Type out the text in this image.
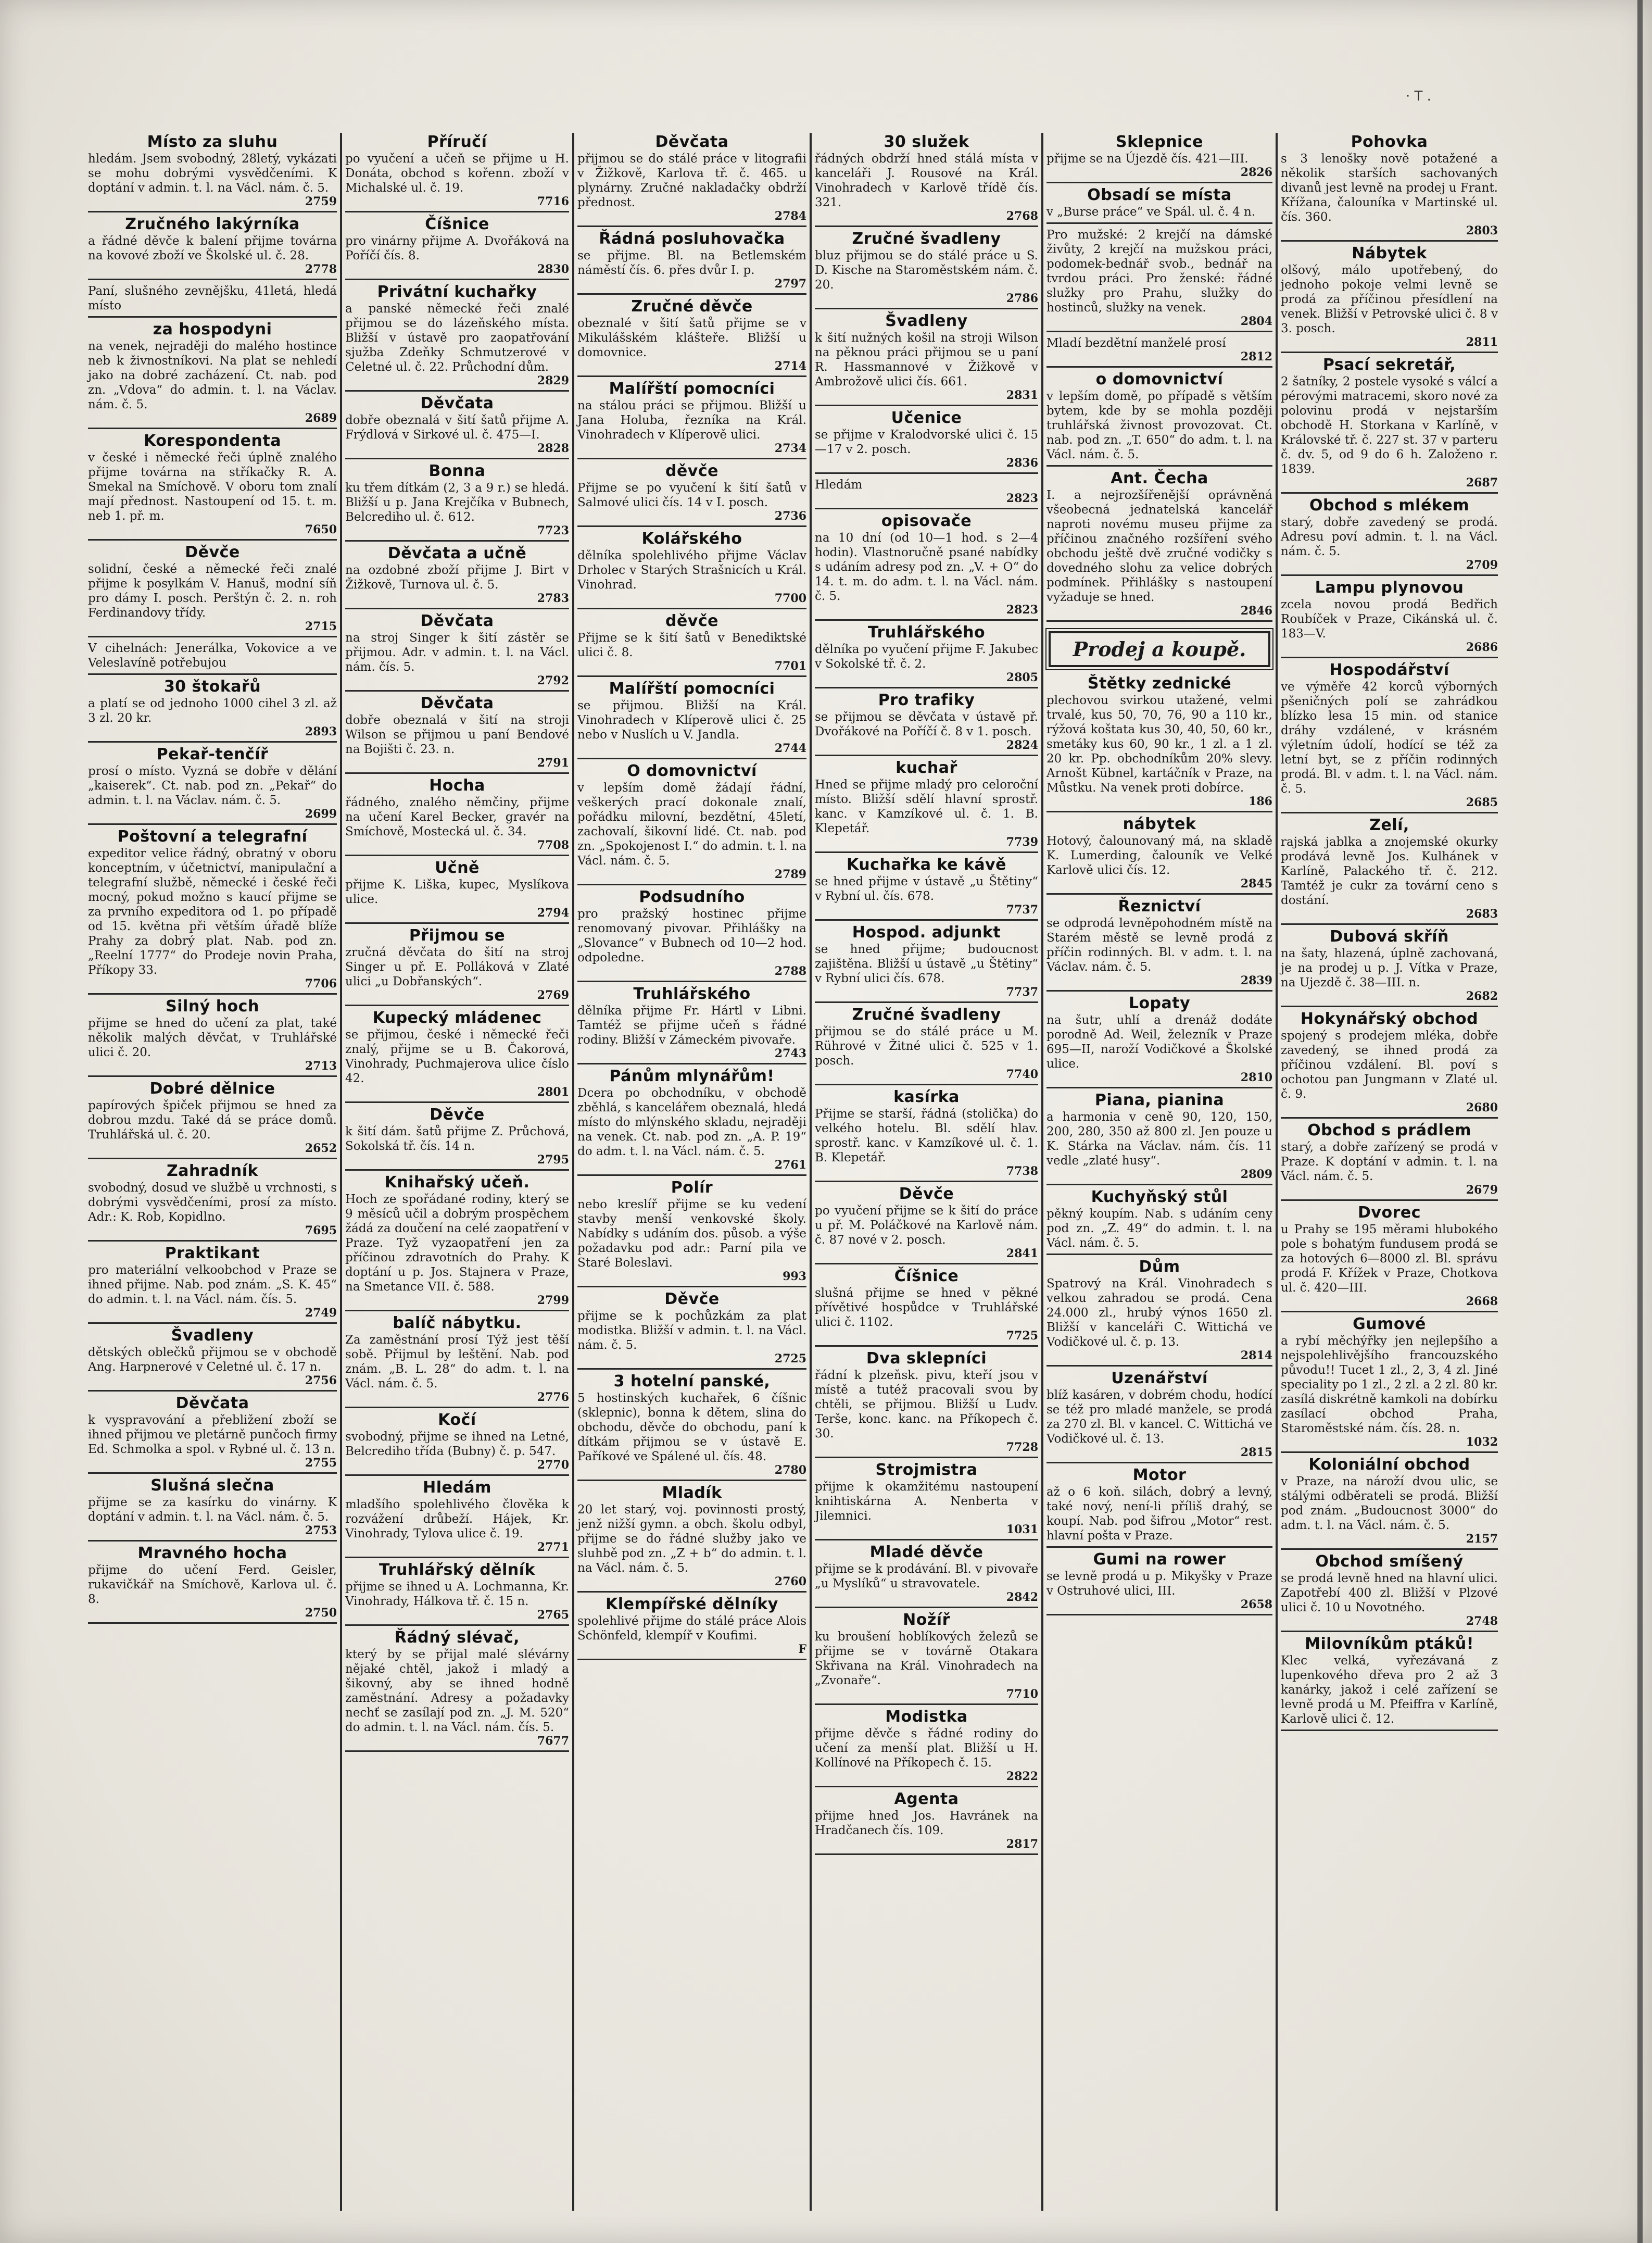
· T .
Místo za sluhu

hledám. Jsem svobodný, 28letý, vykázati se mohu dobrými vysvědčeními. K doptání v admin. t. l. na Václ. nám. č. 5.

2759
Zručného lakýrníka

a řádné děvče k balení přijme továrna na kovové zboží ve Školské ul. č. 28.

2778

Paní, slušného zevnějšku, 41letá, hledá místo

za hospodyni

na venek, nejraději do malého hostince neb k živnostníkovi. Na plat se nehledí jako na dobré zacházení. Ct. nab. pod zn. „Vdova“ do admin. t. l. na Václav. nám. č. 5.

2689
Korespondenta

v české i německé řeči úplně znalého přijme továrna na stříkačky R. A. Smekal na Smíchově. V oboru tom znalí mají přednost. Nastoupení od 15. t. m. neb 1. př. m.

7650
Děvče

solidní, české a německé řeči znalé přijme k posylkám V. Hanuš, modní síň pro dámy I. posch. Perštýn č. 2. n. roh Ferdinandovy třídy.

2715

V cihelnách: Jenerálka, Vokovice a ve Veleslavíně potřebujou

30 štokařů

a platí se od jednoho 1000 cihel 3 zl. až 3 zl. 20 kr.

2893
Pekař-tenčíř

prosí o místo. Vyzná se dobře v dělání „kaiserek“. Ct. nab. pod zn. „Pekař“ do admin. t. l. na Václav. nám. č. 5.

2699
Poštovní a telegrafní

expeditor velice řádný, obratný v oboru konceptním, v účetnictví, manipulační a telegrafní službě, německé i české řeči mocný, pokud možno s kaucí přijme se za prvního expeditora od 1. po případě od 15. května při větším úřadě blíže Prahy za dobrý plat. Nab. pod zn. „Reelní 1777“ do Prodeje novin Praha, Příkopy 33.

7706
Silný hoch

přijme se hned do učení za plat, také několik malých děvčat, v Truhlářské ulici č. 20.

2713
Dobré dělnice

papírových špiček přijmou se hned za dobrou mzdu. Také dá se práce domů. Truhlářská ul. č. 20.

2652
Zahradník

svobodný, dosud ve službě u vrchnosti, s dobrými vysvědčeními, prosí za místo. Adr.: K. Rob, Kopidlno.

7695
Praktikant

pro materiální velkoobchod v Praze se ihned přijme. Nab. pod znám. „S. K. 45“ do admin. t. l. na Václ. nám. čís. 5.

2749
Švadleny

dětských oblečků přijmou se v obchodě Ang. Harpnerové v Celetné ul. č. 17 n.

2756
Děvčata

k vyspravování a přebližení zboží se ihned přijmou ve pletárně punčoch firmy Ed. Schmolka a spol. v Rybné ul. č. 13 n.

2755
Slušná slečna

přijme se za kasírku do vinárny. K doptání v admin. t. l. na Václ. nám. č. 5.

2753
Mravného hocha

přijme do učení Ferd. Geisler, rukavičkář na Smíchově, Karlova ul. č. 8.

2750
Příručí

po vyučení a učeň se přijme u H. Donáta, obchod s kořenn. zboží v Michalské ul. č. 19.

7716
Číšnice

pro vinárny přijme A. Dvořáková na Poříčí čís. 8.

2830
Privátní kuchařky

a panské německé řeči znalé přijmou se do lázeňského místa. Bližší v ústavě pro zaopatřování sjužba Zdeňky Schmutzerové v Celetné ul. č. 22. Průchodní dům.

2829
Děvčata

dobře obeznalá v šití šatů přijme A. Frýdlová v Sirkové ul. č. 475—I.

2828
Bonna

ku třem dítkám (2, 3 a 9 r.) se hledá. Bližší u p. Jana Krejčíka v Bubnech, Belcrediho ul. č. 612.

7723
Děvčata a učně

na ozdobné zboží přijme J. Birt v Žižkově, Turnova ul. č. 5.

2783
Děvčata

na stroj Singer k šití zástěr se přijmou. Adr. v admin. t. l. na Václ. nám. čís. 5.

2792
Děvčata

dobře obeznalá v šití na stroji Wilson se přijmou u paní Bendové na Bojišti č. 23. n.

2791
Hocha

řádného, znalého němčiny, přijme na učení Karel Becker, gravér na Smíchově, Mostecká ul. č. 34.

7708
Učně

přijme K. Liška, kupec, Myslíkova ulice.

2794
Přijmou se

zručná děvčata do šití na stroj Singer u př. E. Polláková v Zlaté ulici „u Dobřanských“.

2769
Kupecký mládenec

se přijmou, české i německé řeči znalý, přijme se u B. Čakorová, Vinohrady, Puchmajerova ulice číslo 42.

2801
Děvče

k šití dám. šatů přijme Z. Průchová, Sokolská tř. čís. 14 n.

2795
Knihařský učeň.

Hoch ze spořádané rodiny, který se 9 měsíců učil a dobrým prospěchem žádá za doučení na celé zaopatření v Praze. Tyž vyzaopatření jen za příčinou zdravotních do Prahy. K doptání u p. Jos. Stajnera v Praze, na Smetance VII. č. 588.

2799
balíč nábytku.

Za zaměstnání prosí Týž jest těší sobě. Přijmul by leštění. Nab. pod znám. „B. L. 28“ do adm. t. l. na Václ. nám. č. 5.

2776
Kočí

svobodný, přijme se ihned na Letné, Belcrediho třída (Bubny) č. p. 547.

2770
Hledám

mladšího spolehlivého člověka k rozvážení drůbeží. Hájek, Kr. Vinohrady, Tylova ulice č. 19.

2771
Truhlářský dělník

přijme se ihned u A. Lochmanna, Kr. Vinohrady, Hálkova tř. č. 15 n.

2765
Řádný slévač,

který by se přijal malé slévárny nějaké chtěl, jakož i mladý a šikovný, aby se ihned hodně zaměstnání. Adresy a požadavky nechť se zasílají pod zn. „J. M. 520“ do admin. t. l. na Václ. nám. čís. 5.

7677
Děvčata

přijmou se do stálé práce v litografii v Žižkově, Karlova tř. č. 465. u plynárny. Zručné nakladačky obdrží přednost.

2784
Řádná posluhovačka

se přijme. Bl. na Betlemském náměstí čís. 6. přes dvůr I. p.

2797
Zručné děvče

obeznalé v šití šatů přijme se v Mikulášském klášteře. Bližší u domovnice.

2714
Malířští pomocníci

na stálou práci se přijmou. Bližší u Jana Holuba, řezníka na Král. Vinohradech v Klíperově ulici.

2734
děvče

Přijme se po vyučení k šití šatů v Salmové ulici čís. 14 v I. posch.

2736
Kolářského

dělníka spolehlivého přijme Václav Drholec v Starých Strašnicích u Král. Vinohrad.

7700
děvče

Přijme se k šití šatů v Benediktské ulici č. 8.

7701
Malířští pomocníci

se přijmou. Bližší na Král. Vinohradech v Klíperově ulici č. 25 nebo v Nuslích u V. Jandla.

2744
O domovnictví

v lepším domě žádají řádní, veškerých prací dokonale znalí, pořádku milovní, bezdětní, 45letí, zachovalí, šikovní lidé. Ct. nab. pod zn. „Spokojenost I.“ do admin. t. l. na Václ. nám. č. 5.

2789
Podsudního

pro pražský hostinec přijme renomovaný pivovar. Přihlášky na „Slovance“ v Bubnech od 10—2 hod. odpoledne.

2788
Truhlářského

dělníka přijme Fr. Hártl v Libni. Tamtéž se přijme učeň s řádné rodiny. Bližší v Zámeckém pivovaře.

2743
Pánům mlynářům!

Dcera po obchodníku, v obchodě zběhlá, s kancelářem obeznalá, hledá místo do mlýnského skladu, nejraději na venek. Ct. nab. pod zn. „A. P. 19“ do adm. t. l. na Václ. nám. č. 5.

2761
Polír

nebo kreslíř přijme se ku vedení stavby menší venkovské školy. Nabídky s udáním dos. působ. a výše požadavku pod adr.: Parní pila ve Staré Boleslavi.

993
Děvče

přijme se k pochůzkám za plat modistka. Bližší v admin. t. l. na Václ. nám. č. 5.

2725
3 hotelní panské,

5 hostinských kuchařek, 6 číšnic (sklepnic), bonna k dětem, slina do obchodu, děvče do obchodu, paní k dítkám přijmou se v ústavě E. Paříkové ve Spálené ul. čís. 48.

2780
Mladík

20 let starý, voj. povinnosti prostý, jenž nižší gymn. a obch. školu odbyl, přijme se do řádné služby jako ve sluhbě pod zn. „Z + b“ do admin. t. l. na Václ. nám. č. 5.

2760
Klempířské dělníky

spolehlivé přijme do stálé práce Alois Schönfeld, klempíř v Koufimi.

F
30 služek

řádných obdrží hned stálá místa v kanceláři J. Rousové na Král. Vinohradech v Karlově třídě čís. 321.

2768
Zručné švadleny

bluz přijmou se do stálé práce u S. D. Kische na Staroměstském nám. č. 20.

2786
Švadleny

k šití nužných košil na stroji Wilson na pěknou práci přijmou se u paní R. Hassmannové v Žižkově v Ambrožově ulici čís. 661.

2831
Učenice

se přijme v Kralodvorské ulici č. 15—17 v 2. posch.

2836

Hledám

2823
opisovače

na 10 dní (od 10—1 hod. s 2—4 hodin). Vlastnoručně psané nabídky s udáním adresy pod zn. „V. + O“ do 14. t. m. do adm. t. l. na Václ. nám. č. 5.

2823
Truhlářského

dělníka po vyučení přijme F. Jakubec v Sokolské tř. č. 2.

2805
Pro trafiky

se přijmou se děvčata v ústavě př. Dvořákové na Poříčí č. 8 v 1. posch.

2824
kuchař

Hned se přijme mladý pro celoroční místo. Bližší sdělí hlavní sprostř. kanc. v Kamzíkové ul. č. 1. B. Klepetář.

7739
Kuchařka ke kávě

se hned přijme v ústavě „u Štětiny“ v Rybní ul. čís. 678.

7737
Hospod. adjunkt

se hned přijme; budoucnost zajištěna. Bližší u ústavě „u Štětiny“ v Rybní ulici čís. 678.

7737
Zručné švadleny

přijmou se do stálé práce u M. Rührové v Žitné ulici č. 525 v 1. posch.

7740
kasírka

Přijme se starší, řádná (stolička) do velkého hotelu. Bl. sdělí hlav. sprostř. kanc. v Kamzíkové ul. č. 1. B. Klepetář.

7738
Děvče

po vyučení přijme se k šití do práce u př. M. Poláčkové na Karlově nám. č. 87 nové v 2. posch.

2841
Číšnice

slušná přijme se hned v pěkné přívětivé hospůdce v Truhlářské ulici č. 1102.

7725
Dva sklepníci

řádní k plzeňsk. pivu, kteří jsou v místě a tutéž pracovali svou by chtěli, se přijmou. Bližší u Ludv. Terše, konc. kanc. na Příkopech č. 30.

7728
Strojmistra

přijme k okamžitému nastoupení knihtiskárna A. Nenberta v Jilemnici.

1031
Mladé děvče

přijme se k prodávání. Bl. v pivovaře „u Myslíků“ u stravovatele.

2842
Nožíř

ku broušení hoblíkových železů se přijme se v továrně Otakara Skřivana na Král. Vinohradech na „Zvonaře“.

7710
Modistka

přijme děvče s řádné rodiny do učení za menší plat. Bližší u H. Kollínové na Příkopech č. 15.

2822
Agenta

přijme hned Jos. Havránek na Hradčanech čís. 109.

2817
Sklepnice

přijme se na Újezdě čís. 421—III.

2826
Obsadí se místa

v „Burse práce“ ve Spál. ul. č. 4 n.

Pro mužské: 2 krejčí na dámské živůty, 2 krejčí na mužskou práci, podomek-bednář svob., bednář na tvrdou práci. Pro ženské: řádné služky pro Prahu, služky do hostinců, služky na venek.

2804

Mladí bezdětní manželé prosí

2812
o domovnictví

v lepším domě, po případě s větším bytem, kde by se mohla později truhlářská živnost provozovat. Ct. nab. pod zn. „T. 650“ do adm. t. l. na Václ. nám. č. 5.

Ant. Čecha

I. a nejrozšířenější oprávněná všeobecná jednatelská kancelář naproti novému museu přijme za příčinou značného rozšíření svého obchodu ještě dvě zručné vodičky s dovedného slohu za velice dobrých podmínek. Přihlášky s nastoupení vyžaduje se hned.

2846
Prodej a koupě.
Štětky zednické

plechovou svirkou utažené, velmi trvalé, kus 50, 70, 76, 90 a 110 kr., rýžová koštata kus 30, 40, 50, 60 kr., smetáky kus 60, 90 kr., 1 zl. a 1 zl. 20 kr. Pp. obchodníkům 20% slevy. Arnošt Kübnel, kartáčník v Praze, na Můstku. Na venek proti dobírce.

186
nábytek

Hotový, čalounovaný má, na skladě K. Lumerding, čalouník ve Velké Karlově ulici čís. 12.

2845
Řeznictví

se odprodá levněpohodném místě na Starém městě se levně prodá z příčin rodinných. Bl. v adm. t. l. na Václav. nám. č. 5.

2839
Lopaty

na šutr, uhlí a drenáž dodáte porodně Ad. Weil, železník v Praze 695—II, naroží Vodičkové a Školské ulice.

2810
Piana, pianina

a harmonia v ceně 90, 120, 150, 200, 280, 350 až 800 zl. Jen pouze u K. Stárka na Václav. nám. čís. 11 vedle „zlaté husy“.

2809
Kuchyňský stůl

pěkný koupím. Nab. s udáním ceny pod zn. „Z. 49“ do admin. t. l. na Václ. nám. č. 5.

Dům

Spatrový na Král. Vinohradech s velkou zahradou se prodá. Cena 24.000 zl., hrubý výnos 1650 zl. Bližší v kanceláři C. Wittichá ve Vodičkové ul. č. p. 13.

2814
Uzenářství

blíž kasáren, v dobrém chodu, hodící se též pro mladé manžele, se prodá za 270 zl. Bl. v kancel. C. Wittichá ve Vodičkové ul. č. 13.

2815
Motor

až o 6 koň. silách, dobrý a levný, také nový, není-li příliš drahý, se koupí. Nab. pod šifrou „Motor“ rest. hlavní pošta v Praze.

Gumi na rower

se levně prodá u p. Mikyšky v Praze v Ostruhové ulici, III.

2658
Pohovka

s 3 lenošky nově potažené a několik starších sachovaných divanů jest levně na prodej u Frant. Křížana, čalouníka v Martinské ul. čís. 360.

2803
Nábytek

olšový, málo upotřebený, do jednoho pokoje velmi levně se prodá za příčinou přesídlení na venek. Bližší v Petrovské ulici č. 8 v 3. posch.

2811
Psací sekretář,

2 šatníky, 2 postele vysoké s válcí a pérovými matracemi, skoro nové za polovinu prodá v nejstarším obchodě H. Storkana v Karlíně, v Královské tř. č. 227 st. 37 v parteru č. dv. 5, od 9 do 6 h. Založeno r. 1839.

2687
Obchod s mlékem

starý, dobře zavedený se prodá. Adresu poví admin. t. l. na Václ. nám. č. 5.

2709
Lampu plynovou

zcela novou prodá Bedřich Roubíček v Praze, Cikánská ul. č. 183—V.

2686
Hospodářství

ve výměře 42 korců výborných pšeničných polí se zahrádkou blízko lesa 15 min. od stanice dráhy vzdálené, v krásném výletním údolí, hodící se též za letní byt, se z příčin rodinných prodá. Bl. v adm. t. l. na Václ. nám. č. 5.

2685
Zelí,

rajská jablka a znojemské okurky prodává levně Jos. Kulhánek v Karlíně, Palackého tř. č. 212. Tamtéž je cukr za tovární ceno s dostání.

2683
Dubová skříň

na šaty, hlazená, úplně zachovaná, je na prodej u p. J. Vítka v Praze, na Ujezdě č. 38—III. n.

2682
Hokynářský obchod

spojený s prodejem mléka, dobře zavedený, se ihned prodá za příčinou vzdálení. Bl. poví s ochotou pan Jungmann v Zlaté ul. č. 9.

2680
Obchod s prádlem

starý, a dobře zařízený se prodá v Praze. K doptání v admin. t. l. na Václ. nám. č. 5.

2679
Dvorec

u Prahy se 195 měrami hlubokého pole s bohatým fundusem prodá se za hotových 6—8000 zl. Bl. správu prodá F. Křížek v Praze, Chotkova ul. č. 420—III.

2668
Gumové

a rybí měchýřky jen nejlepšího a nejspolehlivějšího francouzského původu!! Tucet 1 zl., 2, 3, 4 zl. Jiné speciality po 1 zl., 2 zl. a 2 zl. 80 kr. zasílá diskrétně kamkoli na dobírku zasílací obchod Praha, Staroměstské nám. čís. 28. n.

1032
Koloniální obchod

v Praze, na nároží dvou ulic, se stálými odběrateli se prodá. Bližší pod znám. „Budoucnost 3000“ do adm. t. l. na Václ. nám. č. 5.

2157
Obchod smíšený

se prodá levně hned na hlavní ulici. Zapotřebí 400 zl. Bližší v Plzové ulici č. 10 u Novotného.

2748
Milovníkům ptáků!

Klec velká, vyřezávaná z lupenkového dřeva pro 2 až 3 kanárky, jakož i celé zařízení se levně prodá u M. Pfeiffra v Karlíně, Karlově ulici č. 12.
